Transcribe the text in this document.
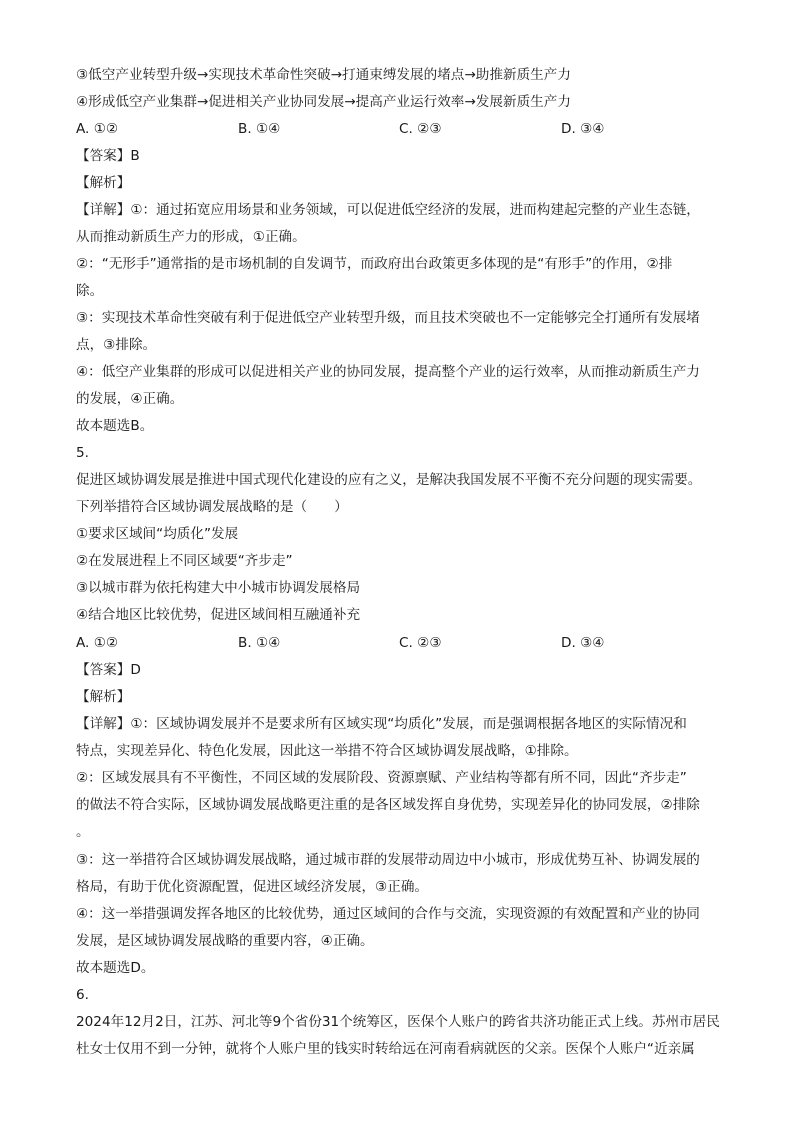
③低空产业转型升级→实现技术革命性突破→打通束缚发展的堵点→助推新质生产力
④形成低空产业集群→促进相关产业协同发展→提高产业运行效率→发展新质生产力
A. ①②	B. ①④	C. ②③	D. ③④
【答案】B
【解析】
【详解】①：通过拓宽应用场景和业务领域，可以促进低空经济的发展，进而构建起完整的产业生态链，
从而推动新质生产力的形成，①正确。
②：“无形手”通常指的是市场机制的自发调节，而政府出台政策更多体现的是“有形手”的作用，②排
除。
③：实现技术革命性突破有利于促进低空产业转型升级，而且技术突破也不一定能够完全打通所有发展堵
点，③排除。
④：低空产业集群的形成可以促进相关产业的协同发展，提高整个产业的运行效率，从而推动新质生产力
的发展，④正确。
故本题选B。
5.
促进区域协调发展是推进中国式现代化建设的应有之义，是解决我国发展不平衡不充分问题的现实需要。
下列举措符合区域协调发展战略的是（　　）
①要求区域间“均质化”发展
②在发展进程上不同区域要“齐步走”
③以城市群为依托构建大中小城市协调发展格局
④结合地区比较优势，促进区域间相互融通补充
A. ①②	B. ①④	C. ②③	D. ③④
【答案】D
【解析】
【详解】①：区域协调发展并不是要求所有区域实现“均质化”发展，而是强调根据各地区的实际情况和
特点，实现差异化、特色化发展，因此这一举措不符合区域协调发展战略，①排除。
②：区域发展具有不平衡性，不同区域的发展阶段、资源禀赋、产业结构等都有所不同，因此“齐步走”
的做法不符合实际，区域协调发展战略更注重的是各区域发挥自身优势，实现差异化的协同发展，②排除
。
③：这一举措符合区域协调发展战略，通过城市群的发展带动周边中小城市，形成优势互补、协调发展的
格局，有助于优化资源配置，促进区域经济发展，③正确。
④：这一举措强调发挥各地区的比较优势，通过区域间的合作与交流，实现资源的有效配置和产业的协同
发展，是区域协调发展战略的重要内容，④正确。
故本题选D。
6.
2024年12月2日，江苏、河北等9个省份31个统筹区，医保个人账户的跨省共济功能正式上线。苏州市居民
杜女士仅用不到一分钟，就将个人账户里的钱实时转给远在河南看病就医的父亲。医保个人账户“近亲属
